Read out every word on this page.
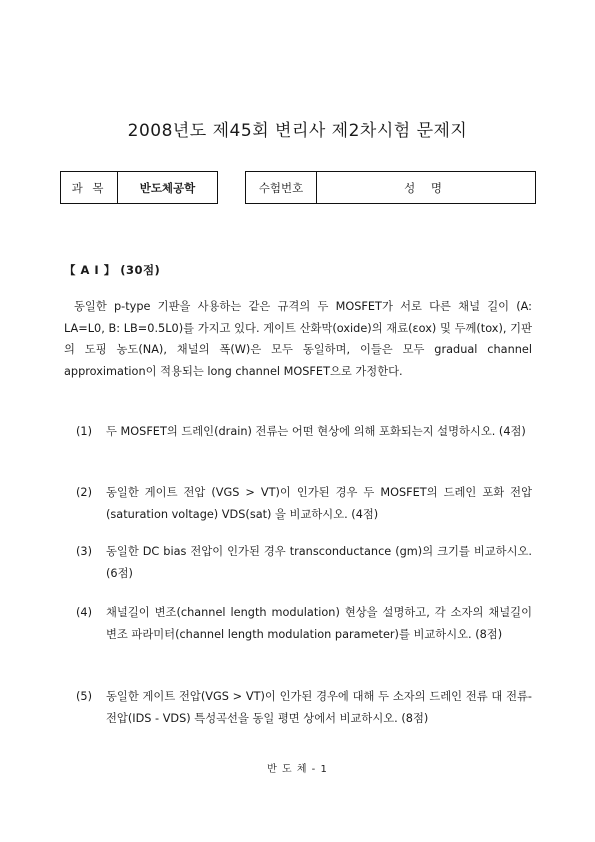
2008년도 제45회 변리사 제2차시험 문제지
과 목	반도체공학	수험번호	성 명
【 A Ⅰ 】 (30점)

동일한 p-type 기판을 사용하는 같은 규격의 두 MOSFET가 서로 다른 채널 길이 (A: LA=L0, B: LB=0.5L0)를 가지고 있다. 게이트 산화막(oxide)의 재료(εox) 및 두께(tox), 기판의 도핑 농도(NA), 채널의 폭(W)은 모두 동일하며, 이들은 모두 gradual channel approximation이 적용되는 long channel MOSFET으로 가정한다.

(1)	두 MOSFET의 드레인(drain) 전류는 어떤 현상에 의해 포화되는지 설명하시오. (4점)
(2)	동일한 게이트 전압 (VGS > VT)이 인가된 경우 두 MOSFET의 드레인 포화 전압(saturation voltage) VDS(sat) 을 비교하시오. (4점)
(3)	동일한 DC bias 전압이 인가된 경우 transconductance (gm)의 크기를 비교하시오. (6점)
(4)	채널길이 변조(channel length modulation) 현상을 설명하고, 각 소자의 채널길이 변조 파라미터(channel length modulation parameter)를 비교하시오. (8점)
(5)	동일한 게이트 전압(VGS > VT)이 인가된 경우에 대해 두 소자의 드레인 전류 대 전류-전압(IDS - VDS) 특성곡선을 동일 평면 상에서 비교하시오. (8점)
반 도 체 - 1
